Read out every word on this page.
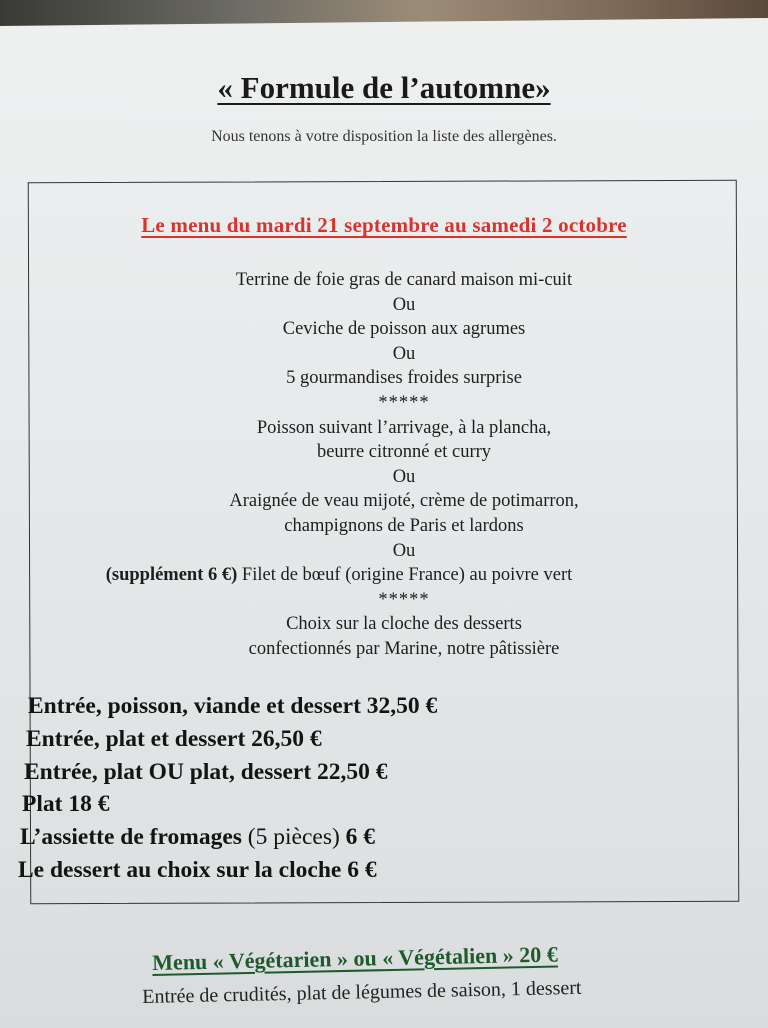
« Formule de l’automne»
Nous tenons à votre disposition la liste des allergènes.
Le menu du mardi 21 septembre au samedi 2 octobre
Terrine de foie gras de canard maison mi-cuit
Ou
Ceviche de poisson aux agrumes
Ou
5 gourmandises froides surprise
*****
Poisson suivant l’arrivage, à la plancha,
beurre citronné et curry
Ou
Araignée de veau mijoté, crème de potimarron,
champignons de Paris et lardons
Ou
(supplément 6 €) Filet de bœuf (origine France) au poivre vert
*****
Choix sur la cloche des desserts
confectionnés par Marine, notre pâtissière
Entrée, poisson, viande et dessert 32,50 €
Entrée, plat et dessert 26,50 €
Entrée, plat OU plat, dessert 22,50 €
Plat 18 €
L’assiette de fromages (5 pièces) 6 €
Le dessert au choix sur la cloche 6 €
Menu « Végétarien » ou « Végétalien » 20 €
Entrée de crudités, plat de légumes de saison, 1 dessert
